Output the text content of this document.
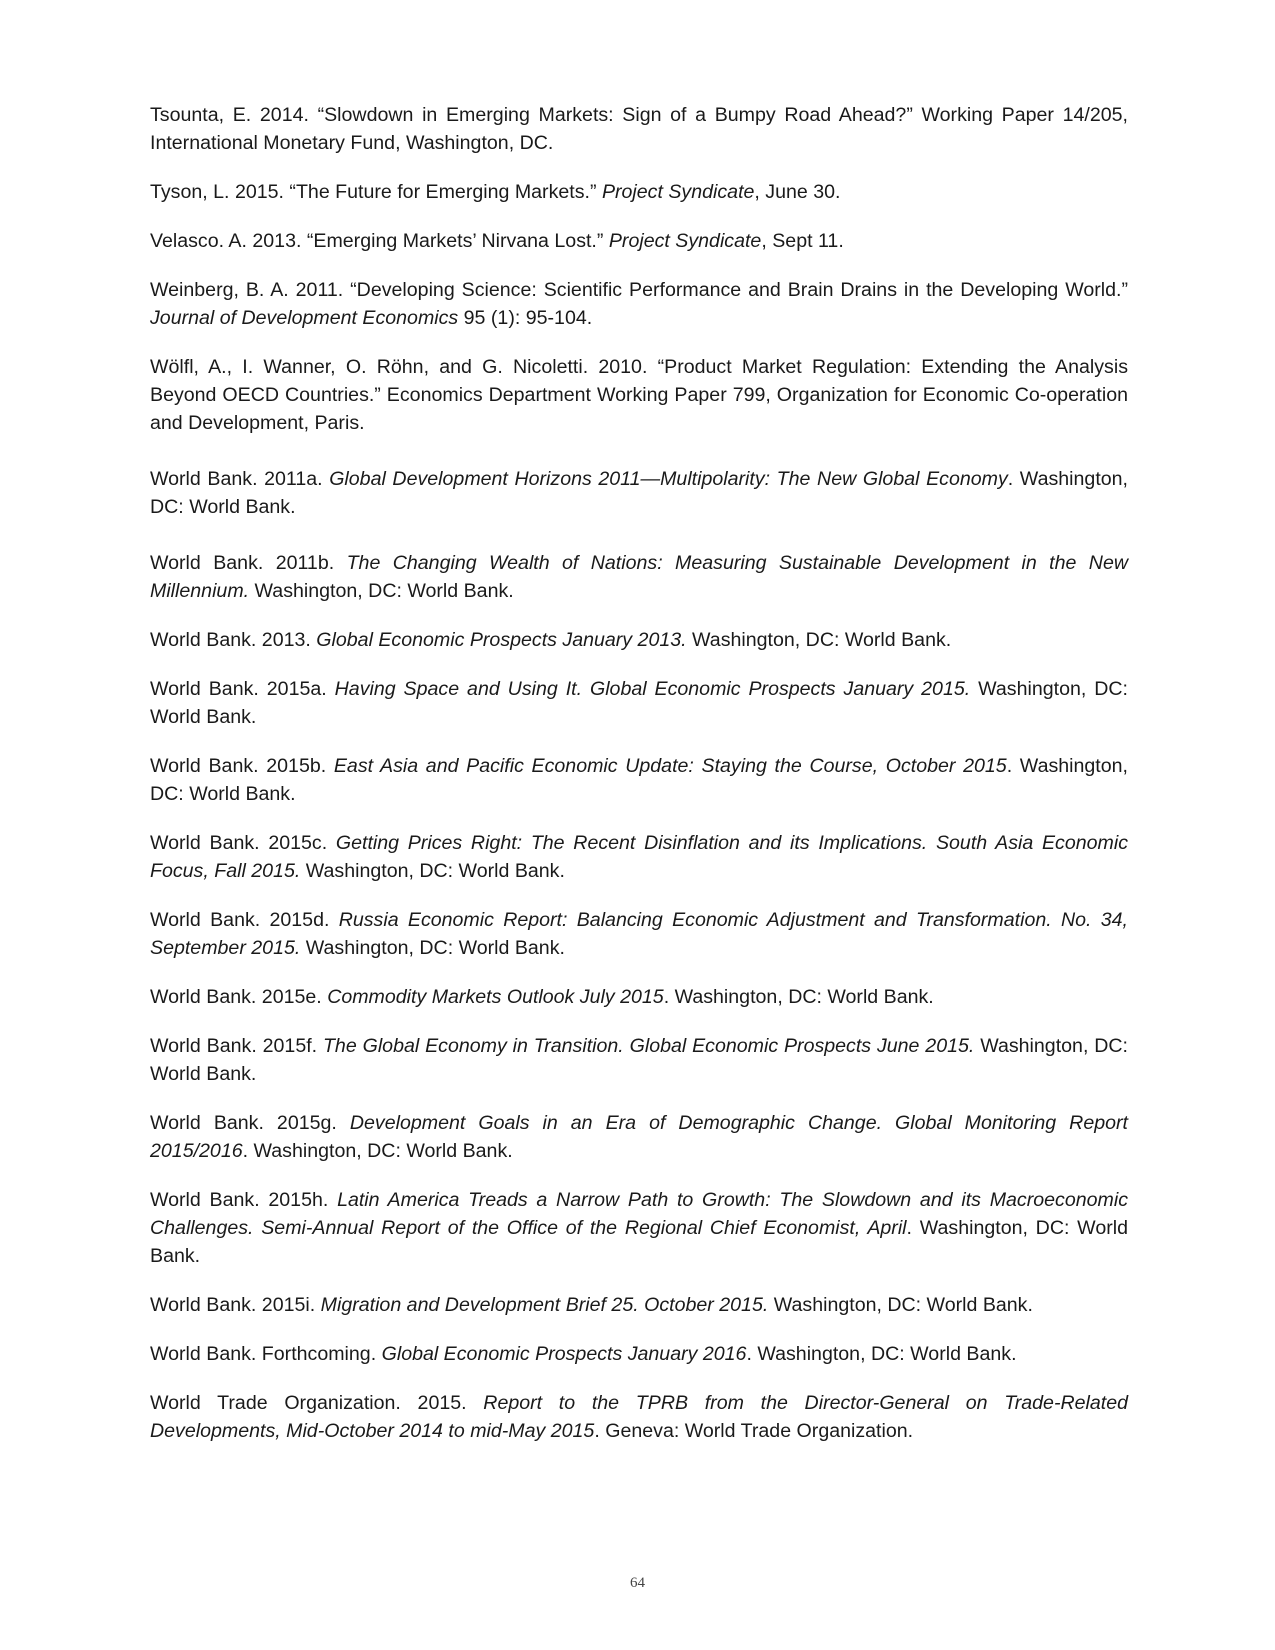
Tsounta, E. 2014. “Slowdown in Emerging Markets: Sign of a Bumpy Road Ahead?” Working Paper 14/205, International Monetary Fund, Washington, DC.

Tyson, L. 2015. “The Future for Emerging Markets.” Project Syndicate, June 30.

Velasco. A. 2013. “Emerging Markets’ Nirvana Lost.” Project Syndicate, Sept 11.

Weinberg, B. A. 2011. “Developing Science: Scientific Performance and Brain Drains in the Developing World.” Journal of Development Economics 95 (1): 95-104.

Wölfl, A., I. Wanner, O. Röhn, and G. Nicoletti. 2010. “Product Market Regulation: Extending the Analysis Beyond OECD Countries.” Economics Department Working Paper 799, Organization for Economic Co-operation and Development, Paris.

World Bank. 2011a. Global Development Horizons 2011—Multipolarity: The New Global Economy. Washington, DC: World Bank.

World Bank. 2011b. The Changing Wealth of Nations: Measuring Sustainable Development in the New Millennium. Washington, DC: World Bank.

World Bank. 2013. Global Economic Prospects January 2013. Washington, DC: World Bank.

World Bank. 2015a. Having Space and Using It. Global Economic Prospects January 2015. Washington, DC: World Bank.

World Bank. 2015b. East Asia and Pacific Economic Update: Staying the Course, October 2015. Washington, DC: World Bank.

World Bank. 2015c. Getting Prices Right: The Recent Disinflation and its Implications. South Asia Economic Focus, Fall 2015. Washington, DC: World Bank.

World Bank. 2015d. Russia Economic Report: Balancing Economic Adjustment and Transformation. No. 34, September 2015. Washington, DC: World Bank.

World Bank. 2015e. Commodity Markets Outlook July 2015. Washington, DC: World Bank.

World Bank. 2015f. The Global Economy in Transition. Global Economic Prospects June 2015. Washington, DC: World Bank.

World Bank. 2015g. Development Goals in an Era of Demographic Change. Global Monitoring Report 2015/2016. Washington, DC: World Bank.

World Bank. 2015h. Latin America Treads a Narrow Path to Growth: The Slowdown and its Macroeconomic Challenges. Semi-Annual Report of the Office of the Regional Chief Economist, April. Washington, DC: World Bank.

World Bank. 2015i. Migration and Development Brief 25. October 2015. Washington, DC: World Bank.

World Bank. Forthcoming. Global Economic Prospects January 2016. Washington, DC: World Bank.

World Trade Organization. 2015. Report to the TPRB from the Director-General on Trade-Related Developments, Mid-October 2014 to mid-May 2015. Geneva: World Trade Organization.

64
